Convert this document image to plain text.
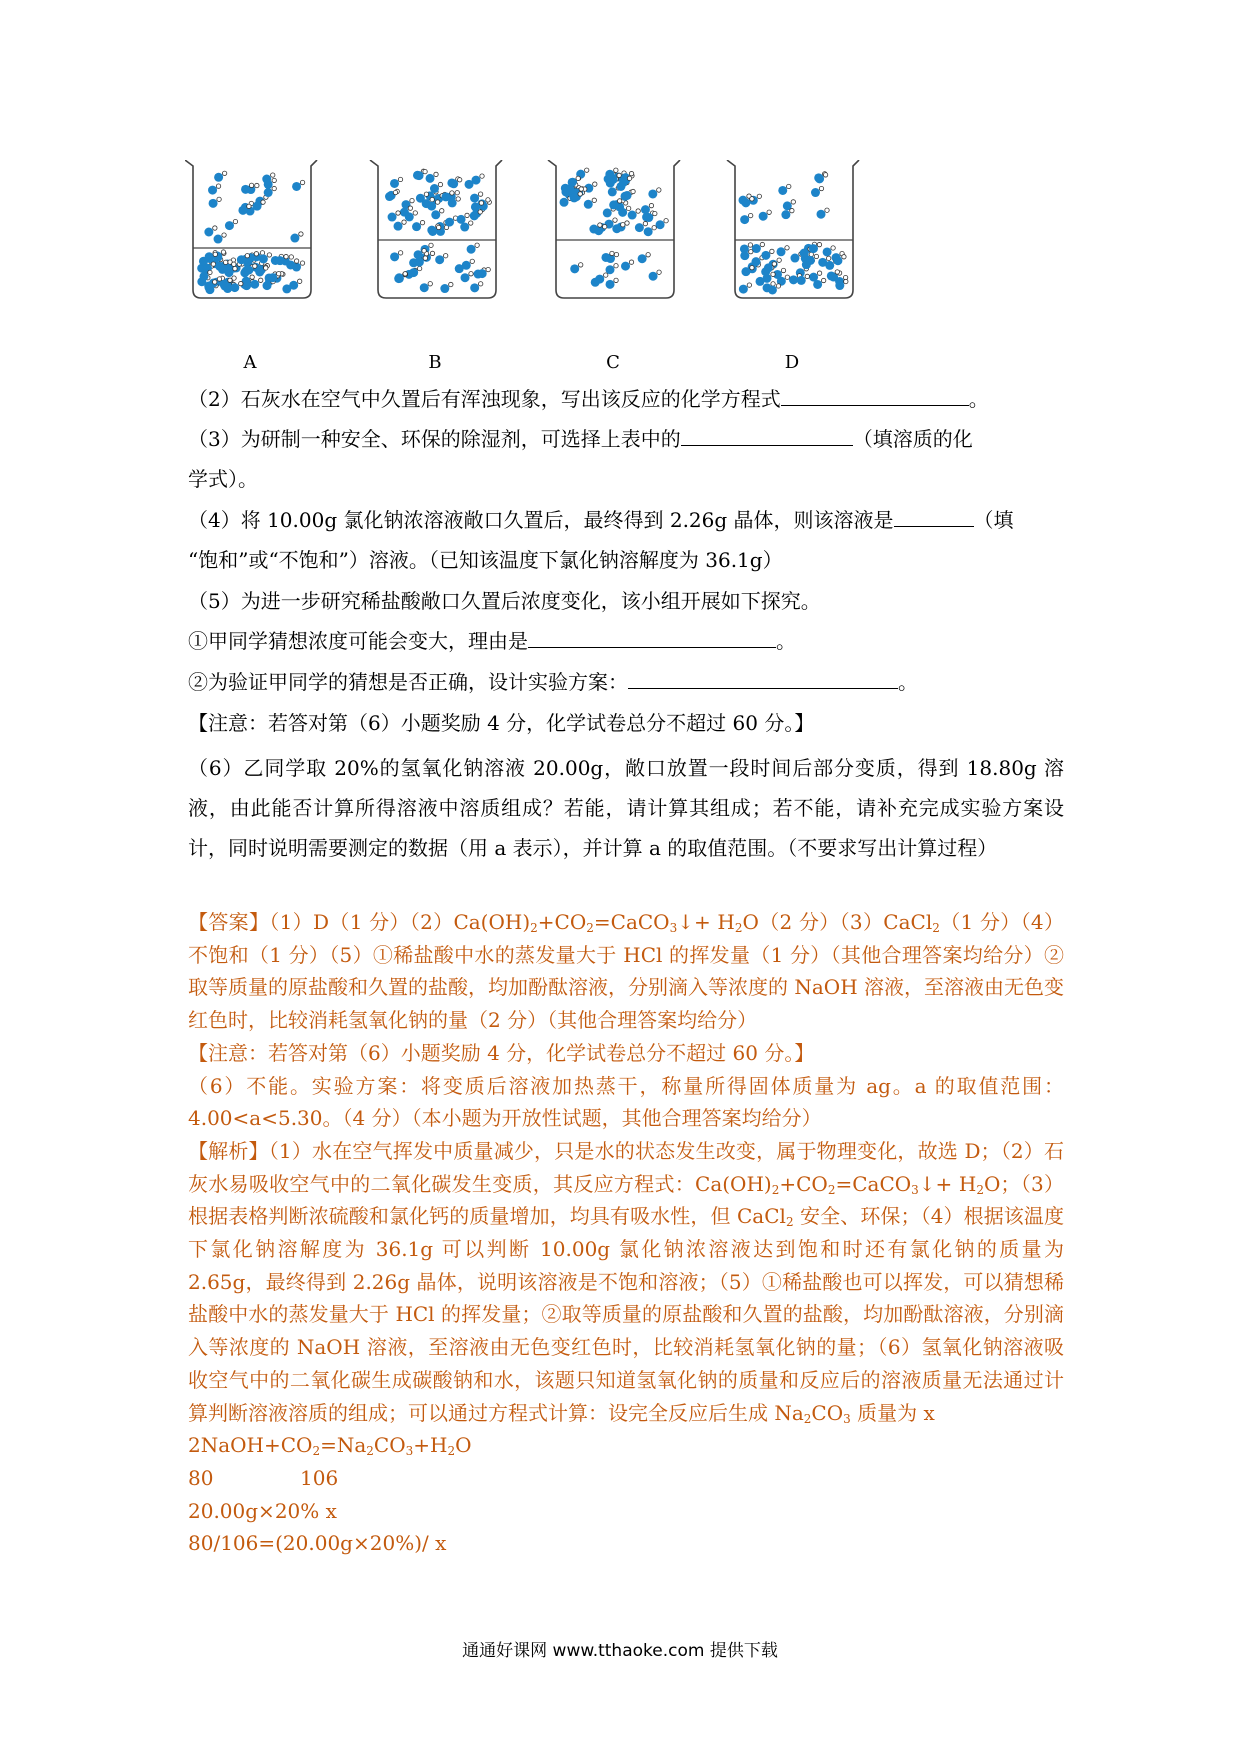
A	B	C	D
（2）石灰水在空气中久置后有浑浊现象，写出该反应的化学方程式	。
（3）为研制一种安全、环保的除湿剂，可选择上表中的	（填溶质的化
学式）。
（4）将 10.00g 氯化钠浓溶液敞口久置后，最终得到 2.26g 晶体，则该溶液是	（填
“饱和”或“不饱和”）溶液。（已知该温度下氯化钠溶解度为 36.1g）
（5）为进一步研究稀盐酸敞口久置后浓度变化，该小组开展如下探究。
①甲同学猜想浓度可能会变大，理由是	。
②为验证甲同学的猜想是否正确，设计实验方案：	。
【注意：若答对第（6）小题奖励 4 分，化学试卷总分不超过 60 分。】
（6）乙同学取 20%的氢氧化钠溶液 20.00g，敞口放置一段时间后部分变质，得到 18.80g 溶液，由此能否计算所得溶液中溶质组成？若能，请计算其组成；若不能，请补充完成实验方案设计，同时说明需要测定的数据（用 a 表示），并计算 a 的取值范围。（不要求写出计算过程）

【答案】（1）D（1 分）$(2)Ca(OH)_2+CO_2=CaCO_3↓+ H_2O(2$ 分）（3）CaCl$_2$（1 分）（4）不饱和（1 分）（5）①稀盐酸中水的蒸发量大于 HCl 的挥发量（1 分）（其他合理答案均给分）②取等质量的原盐酸和久置的盐酸，均加酚酞溶液，分别滴入等浓度的 NaOH 溶液，至溶液由无色变红色时，比较消耗氢氧化钠的量（2 分）（其他合理答案均给分）

【注意：若答对第（6）小题奖励 4 分，化学试卷总分不超过 60 分。】

（6）不能。实验方案：将变质后溶液加热蒸干，称量所得固体质量为 ag。a 的取值范围：4.00<a<5.30。（4 分）（本小题为开放性试题，其他合理答案均给分）

【解析】（1）水在空气挥发中质量减少，只是水的状态发生改变，属于物理变化，故选 D；（2）石灰水易吸收空气中的二氧化碳发生变质，其反应方程式：$Ca(OH)_2+CO_2=CaCO_3↓+ H_2O$；（3）根据表格判断浓硫酸和氯化钙的质量增加，均具有吸水性，但 CaCl$_2$ 安全、环保；（4）根据该温度下氯化钠溶解度为 36.1g 可以判断 10.00g 氯化钠浓溶液达到饱和时还有氯化钠的质量为 2.65g，最终得到 2.26g 晶体，说明该溶液是不饱和溶液；（5）①稀盐酸也可以挥发，可以猜想稀盐酸中水的蒸发量大于 HCl 的挥发量；②取等质量的原盐酸和久置的盐酸，均加酚酞溶液，分别滴入等浓度的 NaOH 溶液，至溶液由无色变红色时，比较消耗氢氧化钠的量；（6）氢氧化钠溶液吸收空气中的二氧化碳生成碳酸钠和水，该题只知道氢氧化钠的质量和反应后的溶液质量无法通过计算判断溶液溶质的组成；可以通过方程式计算：设完全反应后生成 $Na_2CO_3$ 质量为 x

$2NaOH+CO_2=Na_2CO_3+H_2O$

80	106

20.00g×20% x

80/106=(20.00g×20%)/ x

通通好课网 www.tthaoke.com 提供下载
